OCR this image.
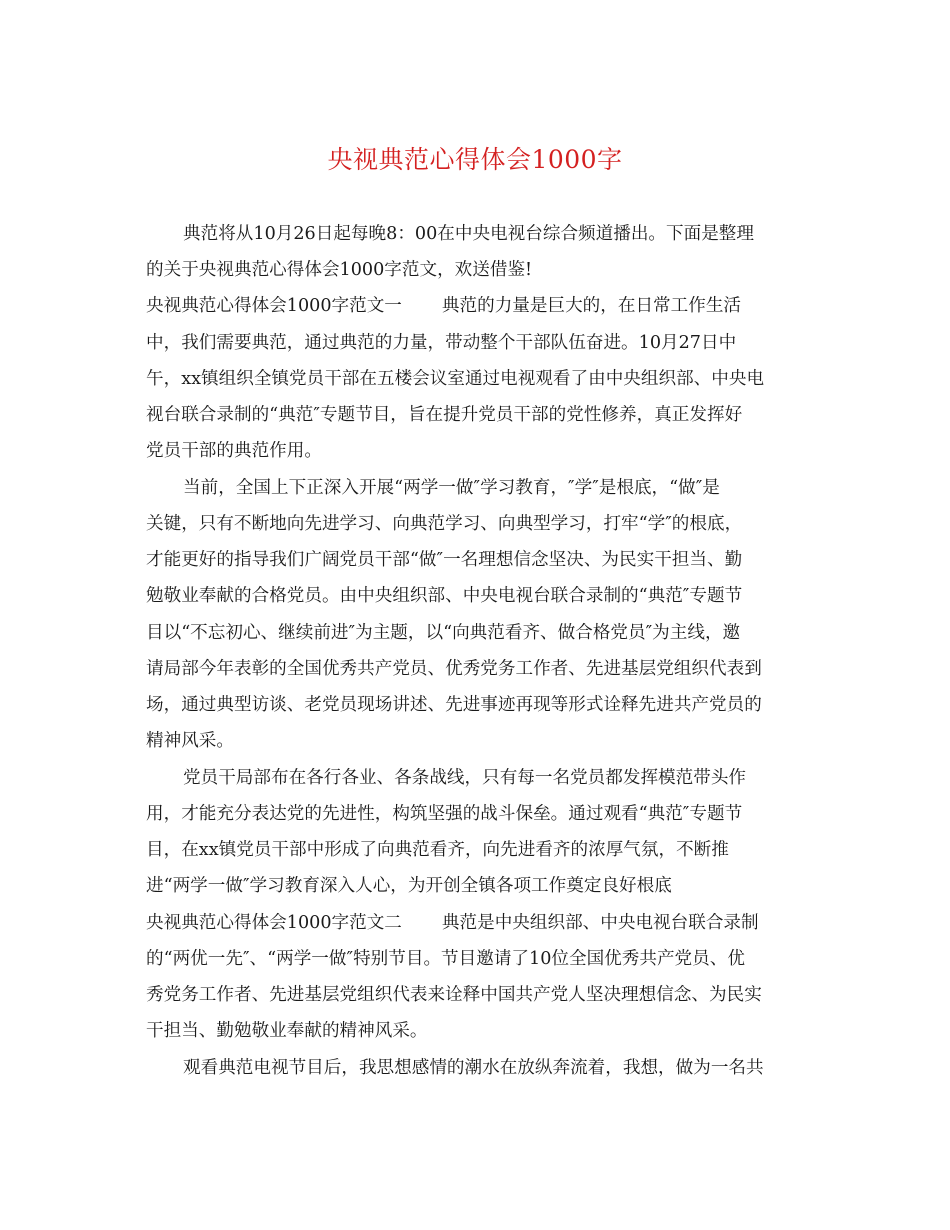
央视典范心得体会1000字
典范将从10月26日起每晚8：00在中央电视台综合频道播出。下面是整理
的关于央视典范心得体会1000字范文，欢送借鉴!
央视典范心得体会1000字范文一 典范的力量是巨大的，在日常工作生活
中，我们需要典范，通过典范的力量，带动整个干部队伍奋进。10月27日中
午，xx镇组织全镇党员干部在五楼会议室通过电视观看了由中央组织部、中央电
视台联合录制的“典范″专题节目，旨在提升党员干部的党性修养，真正发挥好
党员干部的典范作用。
当前，全国上下正深入开展“两学一做″学习教育，″学″是根底，“做″是
关键，只有不断地向先进学习、向典范学习、向典型学习，打牢“学″的根底，
才能更好的指导我们广阔党员干部“做″一名理想信念坚决、为民实干担当、勤
勉敬业奉献的合格党员。由中央组织部、中央电视台联合录制的“典范″专题节
目以“不忘初心、继续前进″为主题，以“向典范看齐、做合格党员″为主线，邀
请局部今年表彰的全国优秀共产党员、优秀党务工作者、先进基层党组织代表到
场，通过典型访谈、老党员现场讲述、先进事迹再现等形式诠释先进共产党员的
精神风采。
党员干局部布在各行各业、各条战线，只有每一名党员都发挥模范带头作
用，才能充分表达党的先进性，构筑坚强的战斗保垒。通过观看“典范″专题节
目，在xx镇党员干部中形成了向典范看齐，向先进看齐的浓厚气氛，不断推
进“两学一做″学习教育深入人心，为开创全镇各项工作奠定良好根底
央视典范心得体会1000字范文二 典范是中央组织部、中央电视台联合录制
的“两优一先″、“两学一做″特别节目。节目邀请了10位全国优秀共产党员、优
秀党务工作者、先进基层党组织代表来诠释中国共产党人坚决理想信念、为民实
干担当、勤勉敬业奉献的精神风采。
观看典范电视节目后，我思想感情的潮水在放纵奔流着，我想，做为一名共
